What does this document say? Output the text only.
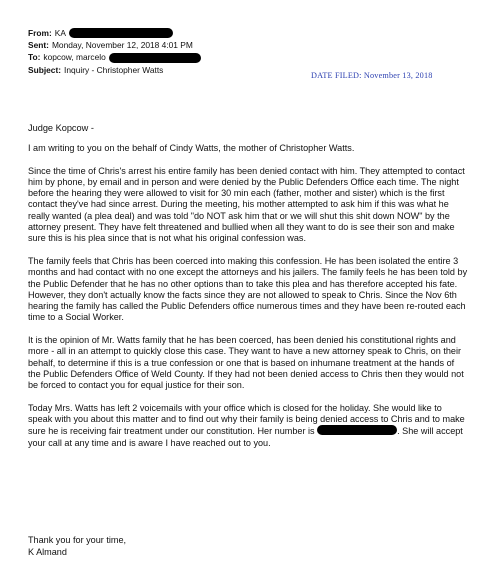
From: KA
Sent: Monday, November 12, 2018 4:01 PM
To: kopcow, marcelo
Subject: Inquiry - Christopher Watts
DATE FILED: November 13, 2018
Judge Kopcow -

I am writing to you on the behalf of Cindy Watts, the mother of Christopher Watts.

Since the time of Chris's arrest his entire family has been denied contact with him. They attempted to contact him by phone, by email and in person and were denied by the Public Defenders Office each time. The night before the hearing they were allowed to visit for 30 min each (father, mother and sister) which is the first contact they've had since arrest. During the meeting, his mother attempted to ask him if this was what he really wanted (a plea deal) and was told "do NOT ask him that or we will shut this shit down NOW" by the attorney present. They have felt threatened and bullied when all they want to do is see their son and make sure this is his plea since that is not what his original confession was.

The family feels that Chris has been coerced into making this confession. He has been isolated the entire 3 months and had contact with no one except the attorneys and his jailers. The family feels he has been told by the Public Defender that he has no other options than to take this plea and has therefore accepted his fate. However, they don't actually know the facts since they are not allowed to speak to Chris. Since the Nov 6th hearing the family has called the Public Defenders office numerous times and they have been re-routed each time to a Social Worker.

It is the opinion of Mr. Watts family that he has been coerced, has been denied his constitutional rights and more - all in an attempt to quickly close this case. They want to have a new attorney speak to Chris, on their behalf, to determine if this is a true confession or one that is based on inhumane treatment at the hands of the Public Defenders Office of Weld County. If they had not been denied access to Chris then they would not be forced to contact you for equal justice for their son.

Today Mrs. Watts has left 2 voicemails with your office which is closed for the holiday. She would like to speak with you about this matter and to find out why their family is being denied access to Chris and to make sure he is receiving fair treatment under our constitution. Her number is	. She will accept your call at any time and is aware I have reached out to you.

Thank you for your time,
K Almand
